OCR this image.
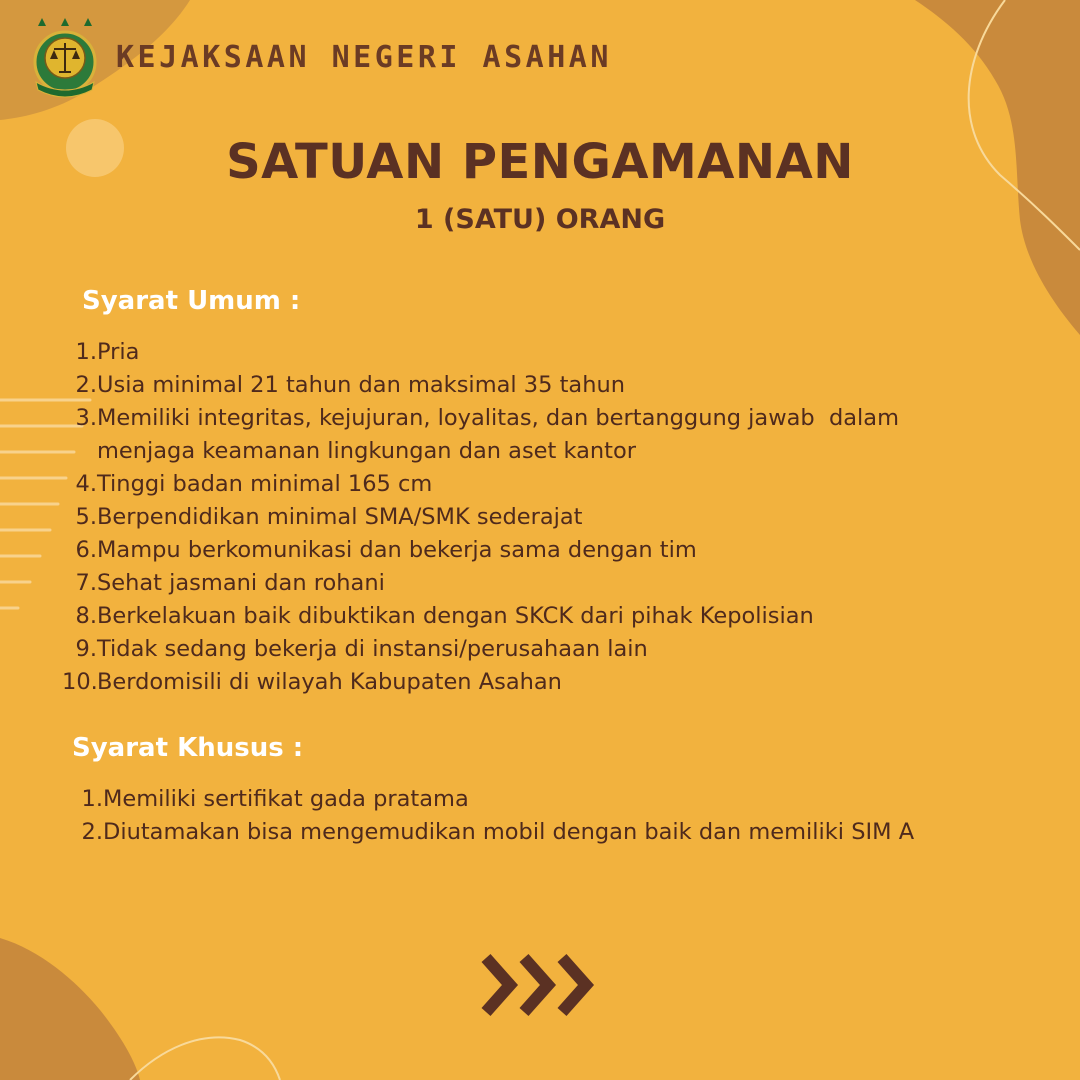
KEJAKSAAN NEGERI ASAHAN
SATUAN PENGAMANAN
1 (SATU) ORANG
Syarat Umum :
1. Pria
2. Usia minimal 21 tahun dan maksimal 35 tahun
3. Memiliki integritas, kejujuran, loyalitas, dan bertanggung jawab  dalam
menjaga keamanan lingkungan dan aset kantor
4. Tinggi badan minimal 165 cm
5. Berpendidikan minimal SMA/SMK sederajat
6. Mampu berkomunikasi dan bekerja sama dengan tim
7. Sehat jasmani dan rohani
8. Berkelakuan baik dibuktikan dengan SKCK dari pihak Kepolisian
9. Tidak sedang bekerja di instansi/perusahaan lain
10. Berdomisili di wilayah Kabupaten Asahan
Syarat Khusus :
1. Memiliki sertifikat gada pratama
2. Diutamakan bisa mengemudikan mobil dengan baik dan memiliki SIM A
